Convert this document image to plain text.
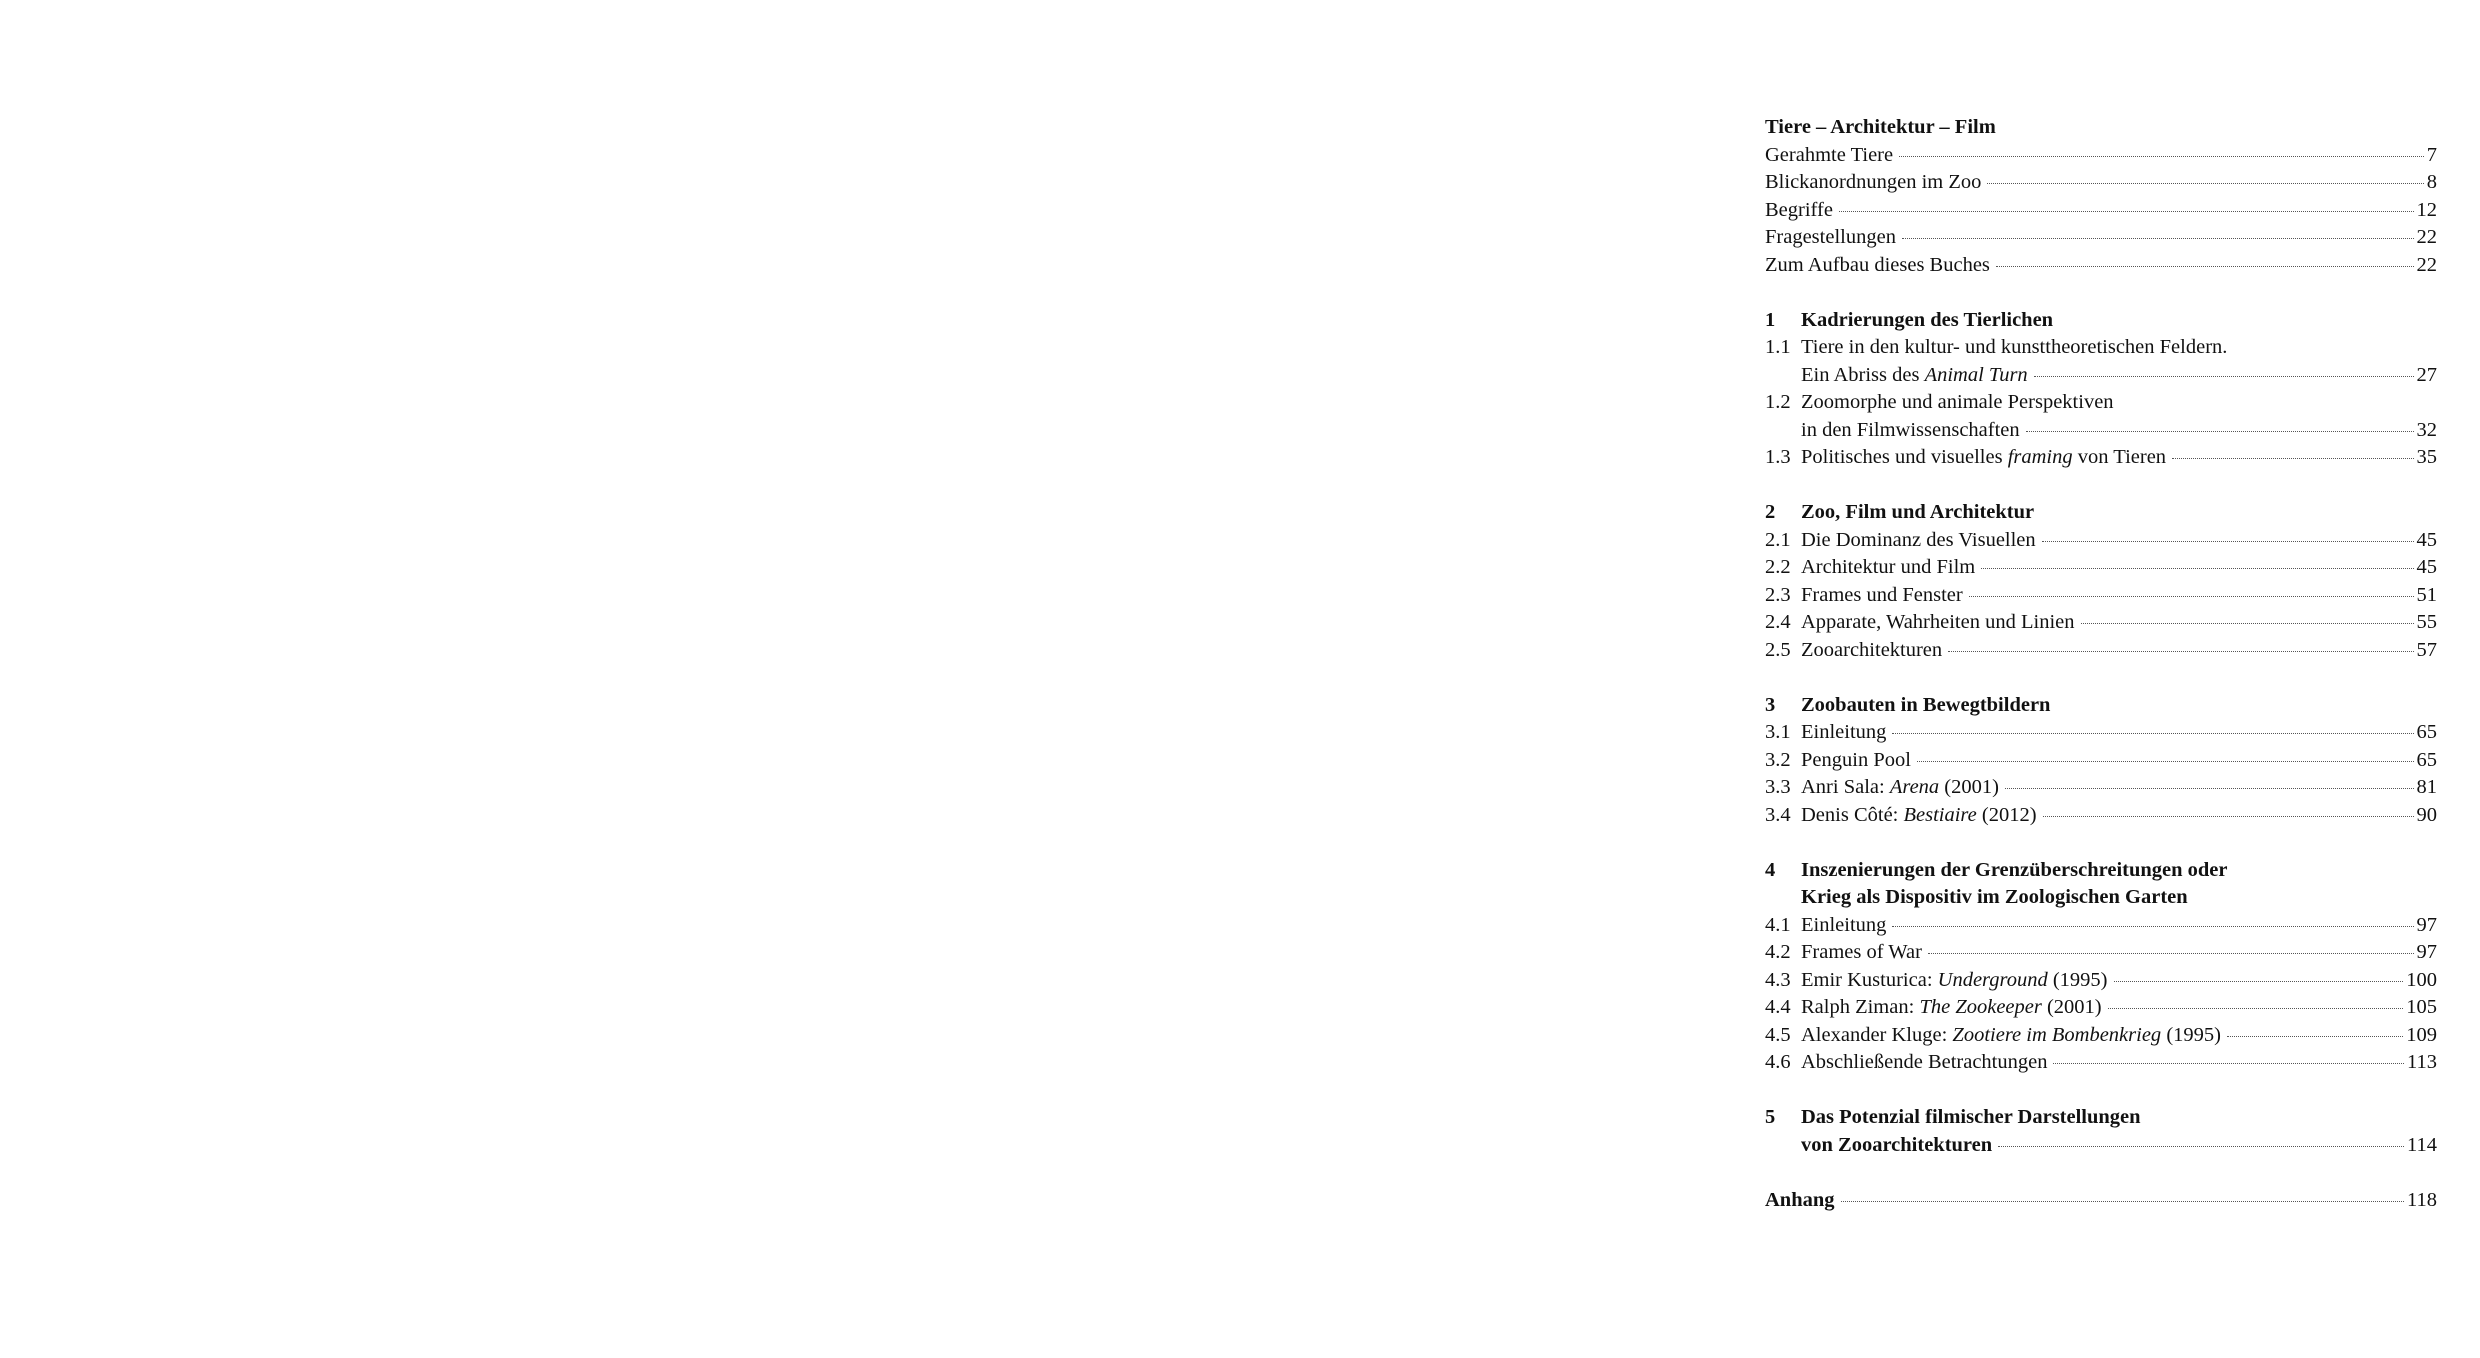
Tiere – Architektur – Film
Gerahmte Tiere	7
Blickanordnungen im Zoo	8
Begriffe	12
Fragestellungen	22
Zum Aufbau dieses Buches	22
1	Kadrierungen des Tierlichen
1.1 Tiere in den kultur- und kunsttheoretischen Feldern.
Ein Abriss des Animal Turn	27
1.2 Zoomorphe und animale Perspektiven
in den Filmwissenschaften	32
1.3 Politisches und visuelles framing von Tieren	35
2	Zoo, Film und Architektur
2.1 Die Dominanz des Visuellen	45
2.2 Architektur und Film	45
2.3 Frames und Fenster	51
2.4 Apparate, Wahrheiten und Linien	55
2.5 Zooarchitekturen	57
3	Zoobauten in Bewegtbildern
3.1 Einleitung	65
3.2 Penguin Pool	65
3.3 Anri Sala: Arena (2001)	81
3.4 Denis Côté: Bestiaire (2012)	90
4	Inszenierungen der Grenzüberschreitungen oder
Krieg als Dispositiv im Zoologischen Garten
4.1 Einleitung	97
4.2 Frames of War	97
4.3 Emir Kusturica: Underground (1995)	100
4.4 Ralph Ziman: The Zookeeper (2001)	105
4.5 Alexander Kluge: Zootiere im Bombenkrieg (1995)	109
4.6 Abschließende Betrachtungen	113
5	Das Potenzial filmischer Darstellungen
von Zooarchitekturen	114
Anhang	118
